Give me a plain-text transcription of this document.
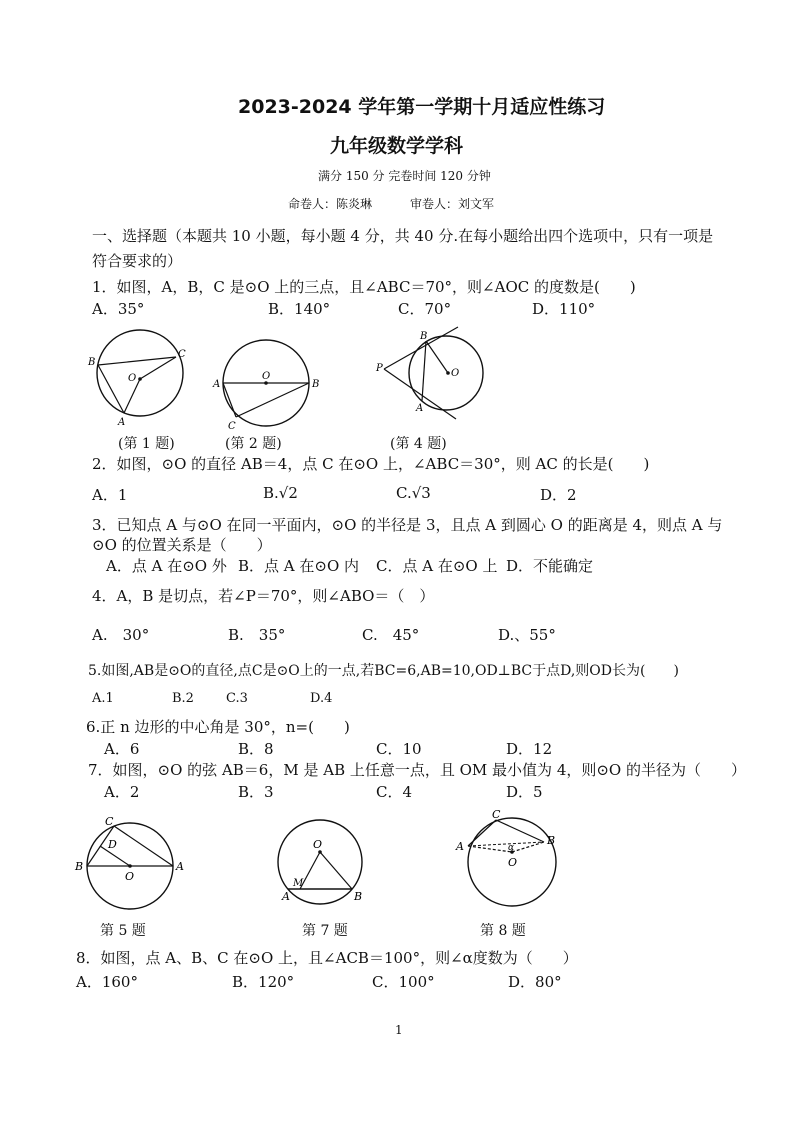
2023-2024 学年第一学期十月适应性练习
九年级数学学科
满分 150 分 完卷时间 120 分钟
命卷人：陈炎琳	审卷人：刘文军
一、选择题（本题共 10 小题，每小题 4 分，共 40 分.在每小题给出四个选项中，只有一项是
符合要求的）
1．如图，A，B，C 是⊙O 上的三点，且∠ABC＝70°，则∠AOC 的度数是(　　)
A．35°	B．140°	C．70°	D．110°
B
C
O
A
A	B
O
C
P
B
O
A
(第 1 题)	(第 2 题)	(第 4 题)
2．如图，⊙O 的直径 AB＝4，点 C 在⊙O 上，∠ABC＝30°，则 AC 的长是(　　)
A．1	B.√2	C.√3	D．2
3．已知点 A 与⊙O 在同一平面内，⊙O 的半径是 3，且点 A 到圆心 O 的距离是 4，则点 A 与
⊙O 的位置关系是（　　）
A．点 A 在⊙O 外 B．点 A 在⊙O 内 C．点 A 在⊙O 上 D．不能确定
4．A，B 是切点，若∠P＝70°，则∠ABO＝（　）
A.　30°	B.　35°	C.　45°	D.、55°
5.如图,AB是⊙O的直径,点C是⊙O上的一点,若BC=6,AB=10,OD⊥BC于点D,则OD长为(　　)
A.1	B.2 C.3	D.4
6.正 n 边形的中心角是 30°，n=(　　)
A．6	B．8	C．10	D．12
7．如图，⊙O 的弦 AB＝6，M 是 AB 上任意一点，且 OM 最小值为 4，则⊙O 的半径为（　　）
A．2	B．3	C．4	D．5
C
D
B	A
O
O
M
A	B
C
B
A	α
O
第 5 题	第 7 题	第 8 题
8．如图，点 A、B、C 在⊙O 上，且∠ACB＝100°，则∠α度数为（　　）
A．160°	B．120°	C．100°	D．80°
1
